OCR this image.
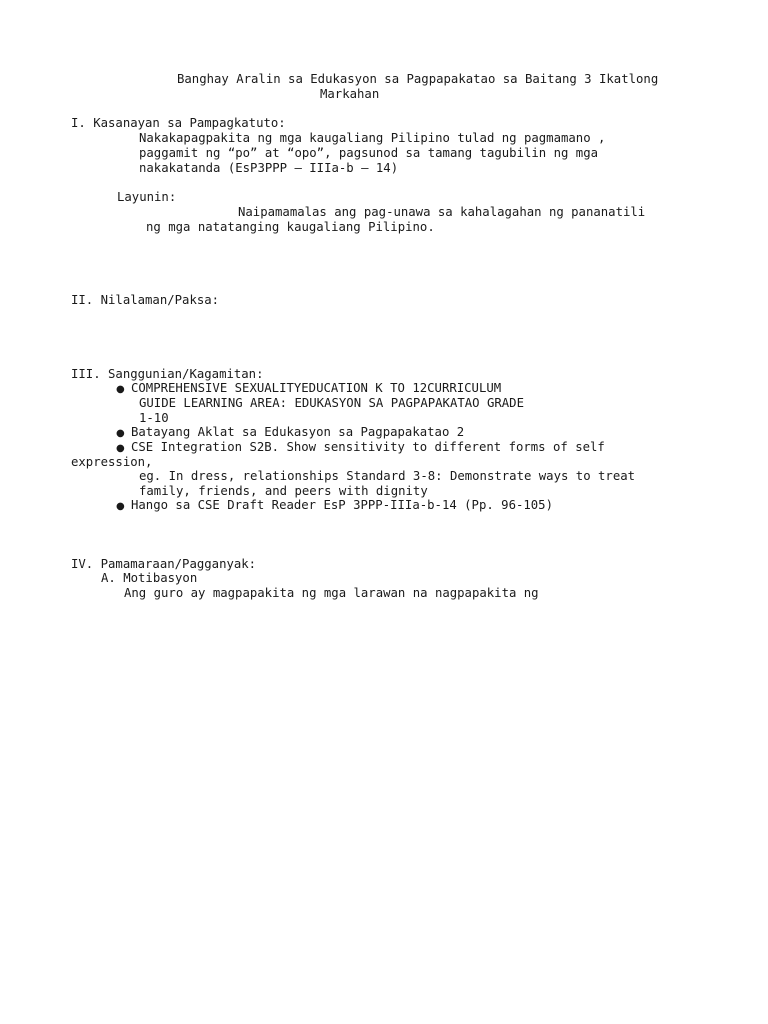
Banghay Aralin sa Edukasyon sa Pagpapakatao sa Baitang 3 Ikatlong
Markahan
I. Kasanayan sa Pampagkatuto:
Nakakapagpakita ng mga kaugaliang Pilipino tulad ng pagmamano ,
paggamit ng “po” at “opo”, pagsunod sa tamang tagubilin ng mga
nakakatanda (EsP3PPP – IIIa-b – 14)
Layunin:
Naipamamalas ang pag-unawa sa kahalagahan ng pananatili
ng mga natatanging kaugaliang Pilipino.
II. Nilalaman/Paksa:
III. Sanggunian/Kagamitan:
● COMPREHENSIVE SEXUALITYEDUCATION K TO 12CURRICULUM
GUIDE LEARNING AREA: EDUKASYON SA PAGPAPAKATAO GRADE
1-10
● Batayang Aklat sa Edukasyon sa Pagpapakatao 2
● CSE Integration S2B. Show sensitivity to different forms of self
expression,
eg. In dress, relationships Standard 3-8: Demonstrate ways to treat
family, friends, and peers with dignity
● Hango sa CSE Draft Reader EsP 3PPP-IIIa-b-14 (Pp. 96-105)
IV. Pamamaraan/Pagganyak:
A. Motibasyon
Ang guro ay magpapakita ng mga larawan na nagpapakita ng
